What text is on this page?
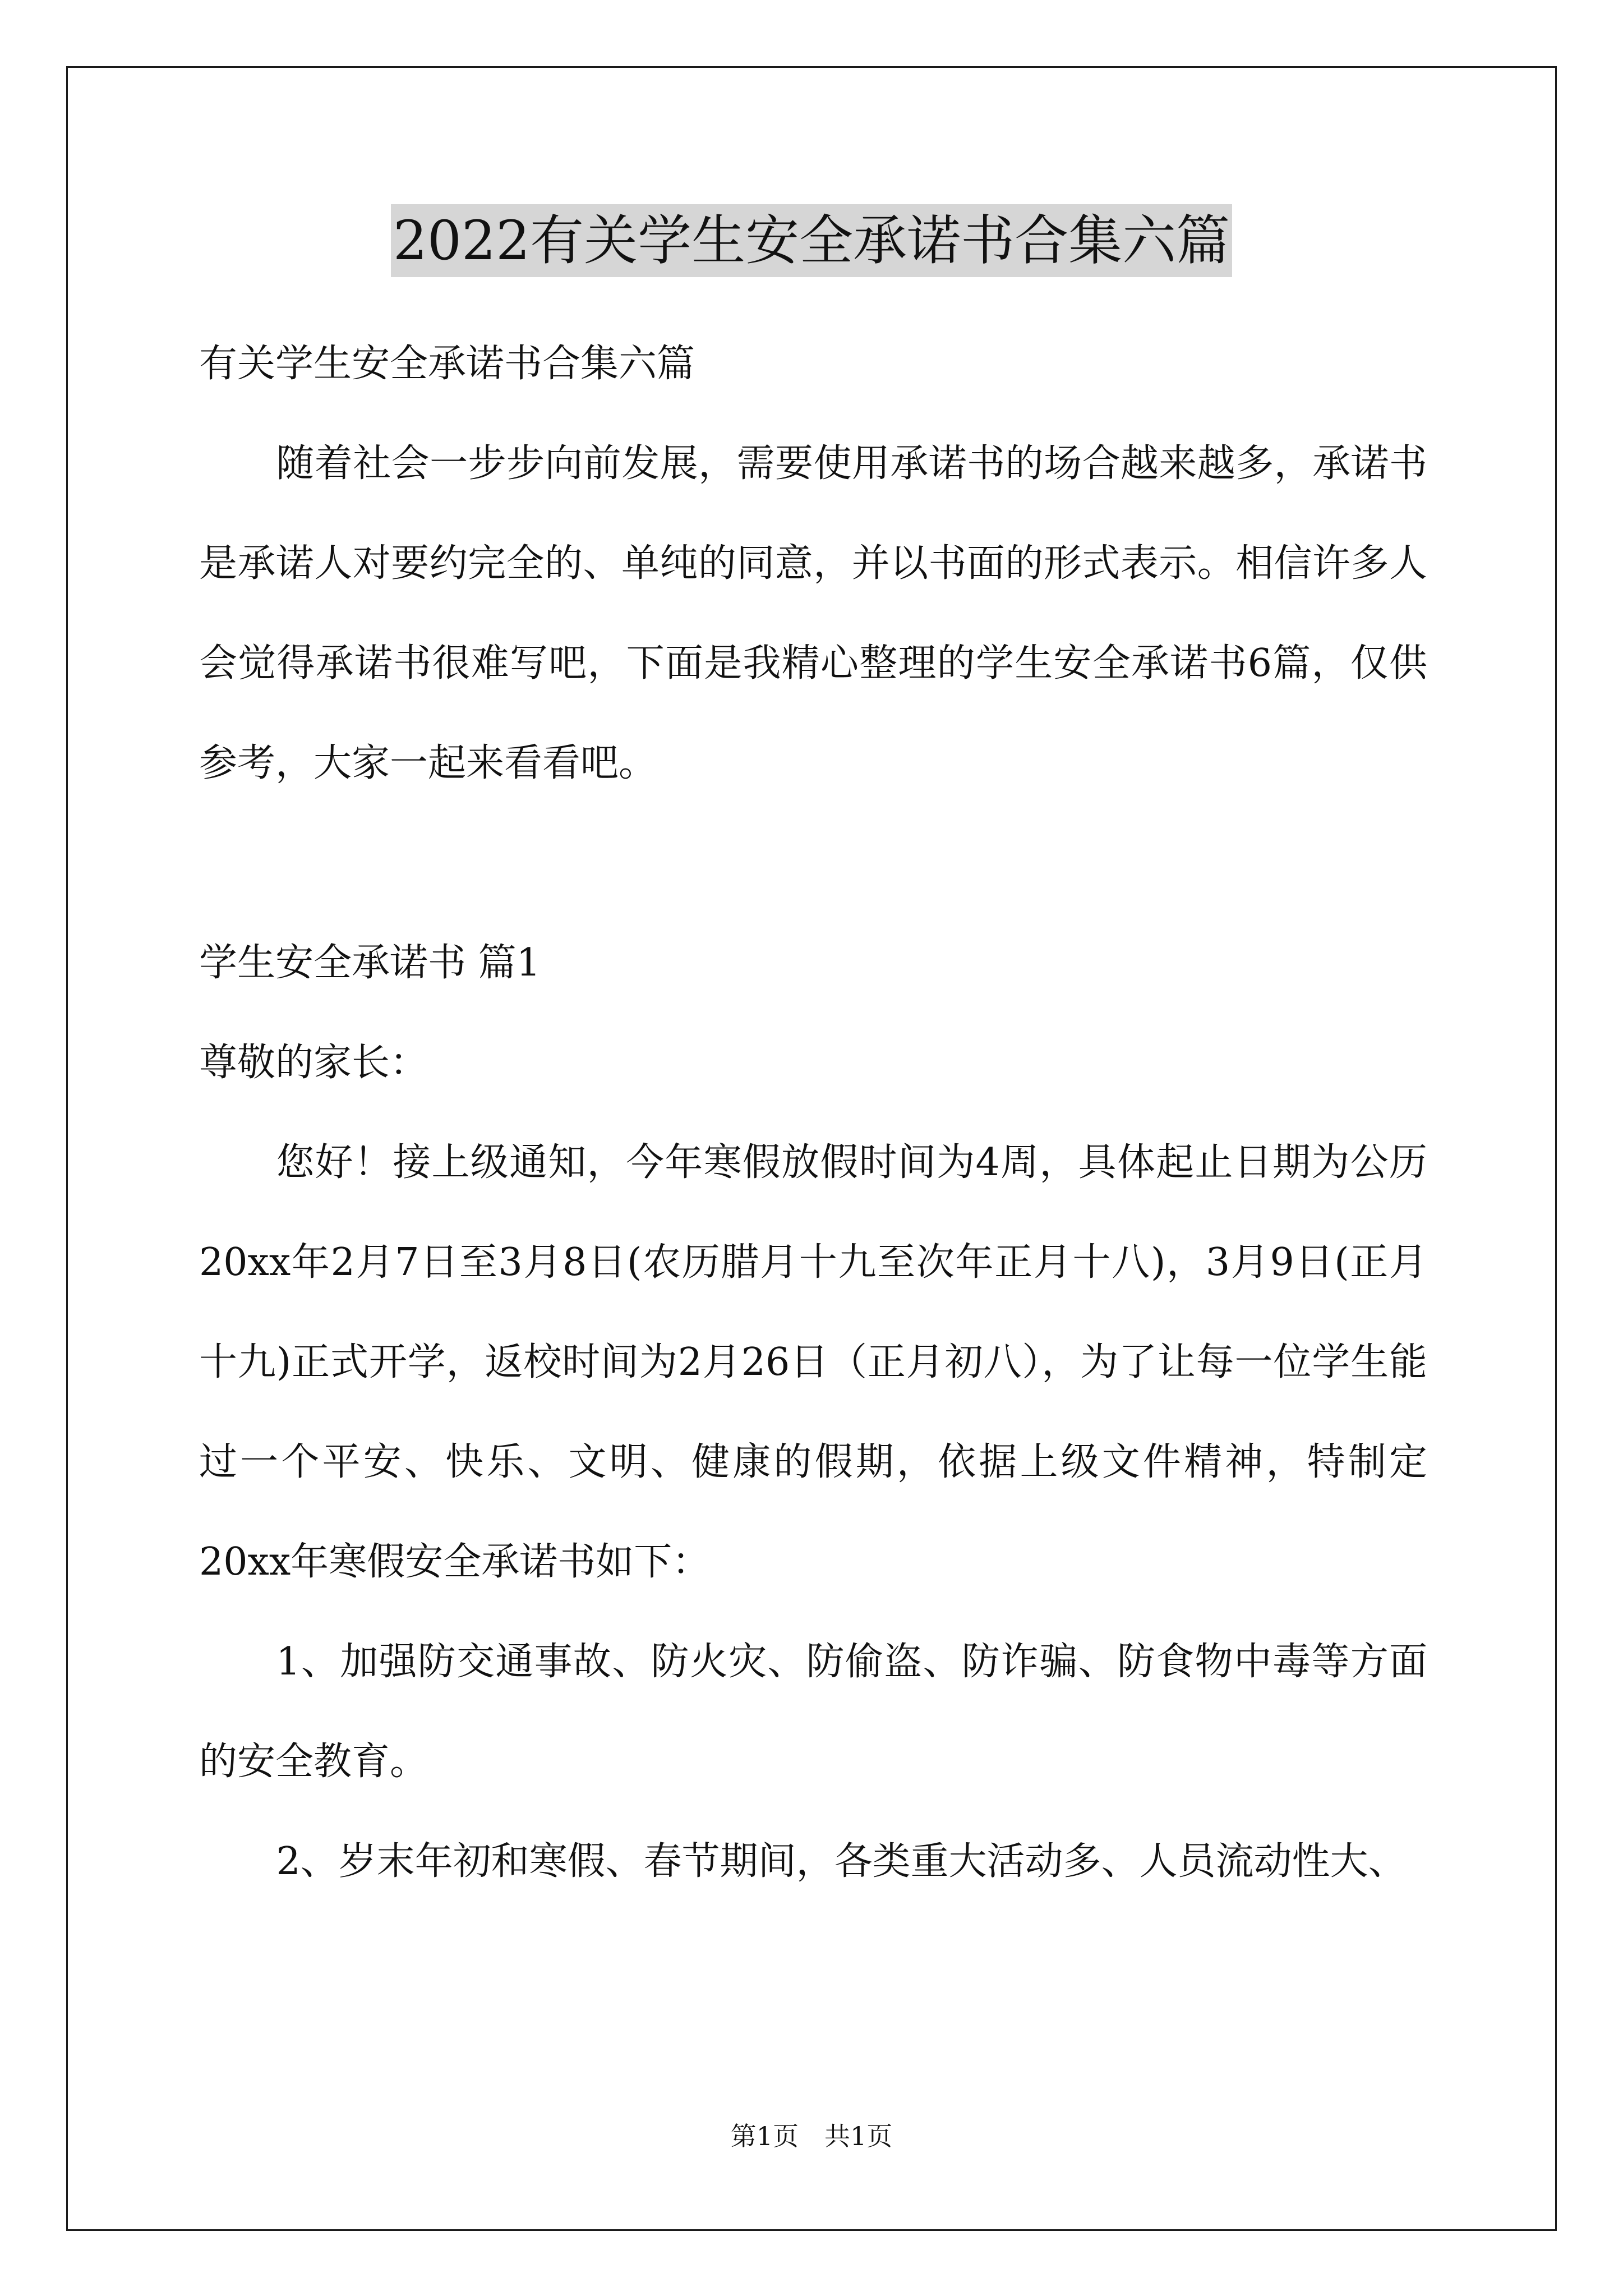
2022有关学生安全承诺书合集六篇
有关学生安全承诺书合集六篇

随着社会一步步向前发展，需要使用承诺书的场合越来越多，承诺书是承诺人对要约完全的、单纯的同意，并以书面的形式表示。相信许多人会觉得承诺书很难写吧，下面是我精心整理的学生安全承诺书6篇，仅供参考，大家一起来看看吧。

学生安全承诺书 篇1
尊敬的家长：

您好！接上级通知，今年寒假放假时间为4周，具体起止日期为公历20xx年2月7日至3月8日(农历腊月十九至次年正月十八)，3月9日(正月十九)正式开学，返校时间为2月26日（正月初八），为了让每一位学生能过一个平安、快乐、文明、健康的假期，依据上级文件精神，特制定20xx年寒假安全承诺书如下：

1、加强防交通事故、防火灾、防偷盗、防诈骗、防食物中毒等方面的安全教育。

2、岁末年初和寒假、春节期间，各类重大活动多、人员流动性大、

第1页 共1页
